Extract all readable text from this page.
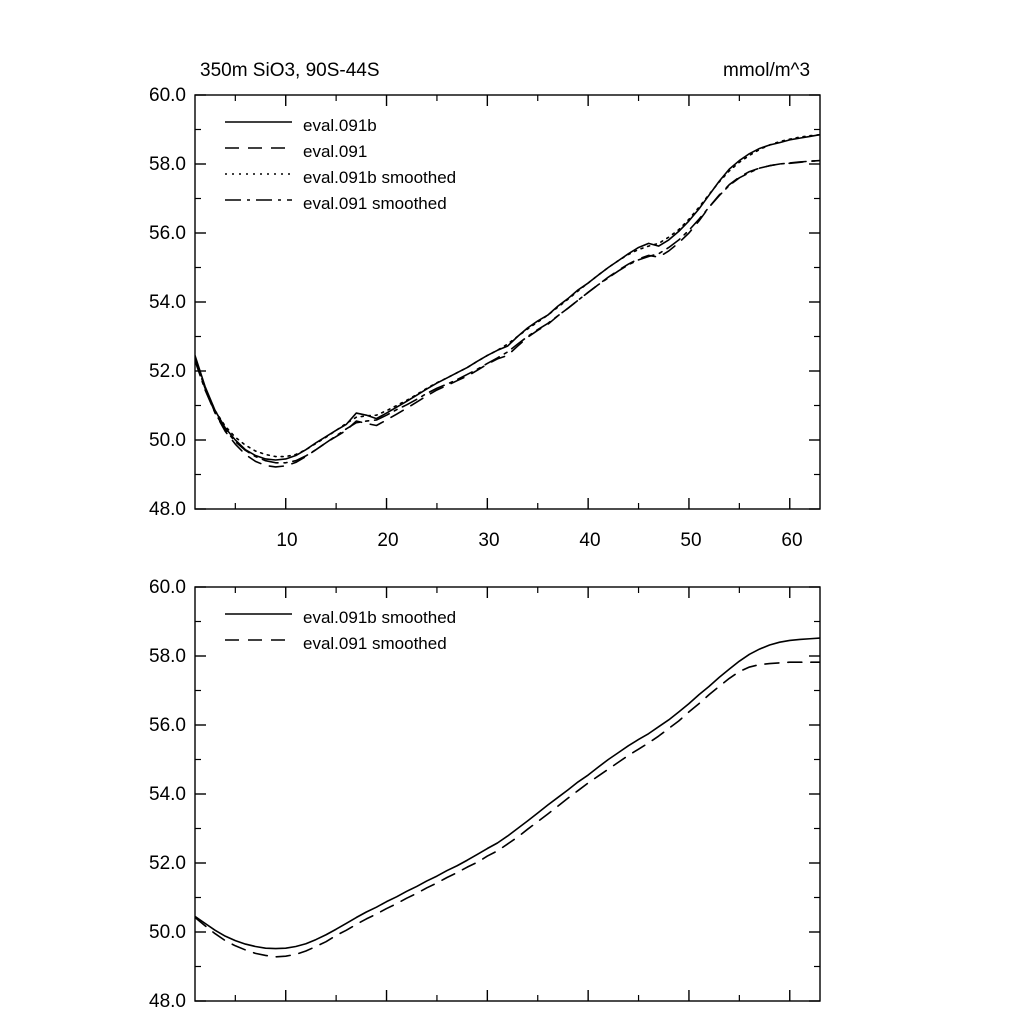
350m SiO3, 90S-44S	mmol/m^3
60.0
58.0
56.0
54.0
52.0
50.0
48.0
10	20	30	40	50	60
eval.091b
eval.091
eval.091b smoothed
eval.091 smoothed
60.0
58.0
56.0
54.0
52.0
50.0
48.0
eval.091b smoothed
eval.091 smoothed
